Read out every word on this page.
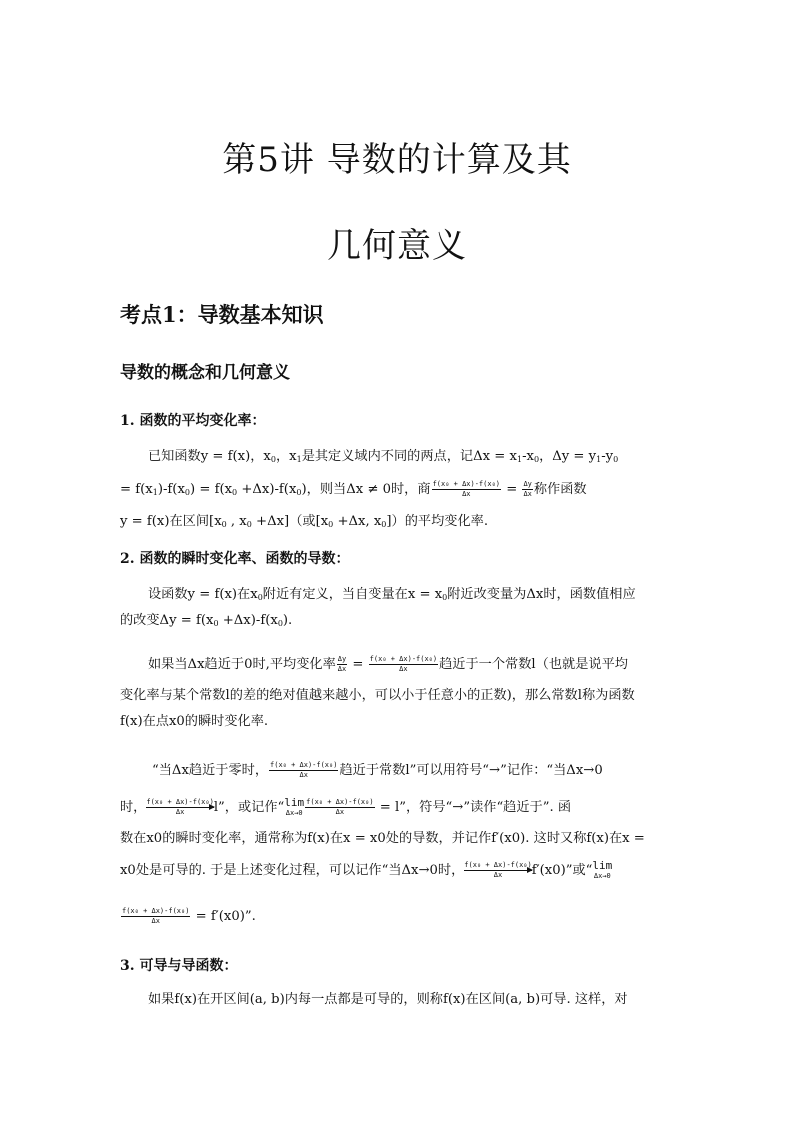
第5讲 导数的计算及其
几何意义
考点1：导数基本知识
导数的概念和几何意义
1. 函数的平均变化率：
已知函数y = f(x)，$x_0$，$x_1$是其定义域内不同的两点，记$\Delta x = x_1-x_0$，$\Delta y = y_1-y_0$
= $f(x_1)-f(x_0) = f(x_0 +\Delta x)-f(x_0)$，则当Δx ≠ 0时，商 $\frac{\text{f(x₀ + Δx)-f(x₀)}}{\Delta x} = \frac{\Delta y}{\Delta x}$ 称作函数
y = f(x)在区间[$x_0$ , $x_0 +\Delta x$]（或[$x_0 +\Delta x$, $x_0$]）的平均变化率.
2. 函数的瞬时变化率、函数的导数：
设函数y = f(x)在$x_0$附近有定义，当自变量在$x = x_0$附近改变量为Δx时，函数值相应
的改变$\Delta y = f(x_0 +\Delta x)-f(x_0)$.
如果当Δx趋近于0时,平均变化率 $\frac{\Delta y}{\Delta x} = \frac{\text{f(x₀ + Δx)-f(x₀)}}{\Delta x}$ 趋近于一个常数l（也就是说平均
变化率与某个常数l的差的绝对值越来越小，可以小于任意小的正数)，那么常数l称为函数
f(x)在点x0的瞬时变化率.
“当Δx趋近于零时， $\frac{\text{f(x₀ + Δx)-f(x₀)}}{\Delta x}$ 趋近于常数l”可以用符号“→”记作：“当Δx→0
时， $\frac{\text{f(x₀ + Δx)-f(x₀)}}{\Delta x} l$”，或记作“ lim
$\Delta x\to 0 \frac{\text{f(x₀ + Δx)-f(x₀)}}{\Delta x} = l$”，符号“→”读作“趋近于”. 函
数在x0的瞬时变化率，通常称为f(x)在x = x0处的导数，并记作f′(x0). 这时又称f(x)在x =
x0处是可导的. 于是上述变化过程，可以记作“当Δx→0时， $\frac{\text{f(x₀ + Δx)-f(x₀)}}{\Delta x} f'(x0)$”或“ lim
Δx→0
$\frac{\text{f(x₀ + Δx)-f(x₀)}}{\Delta x} = f'(x0)$”.
3. 可导与导函数：
如果f(x)在开区间(a, b)内每一点都是可导的，则称f(x)在区间(a, b)可导. 这样，对
